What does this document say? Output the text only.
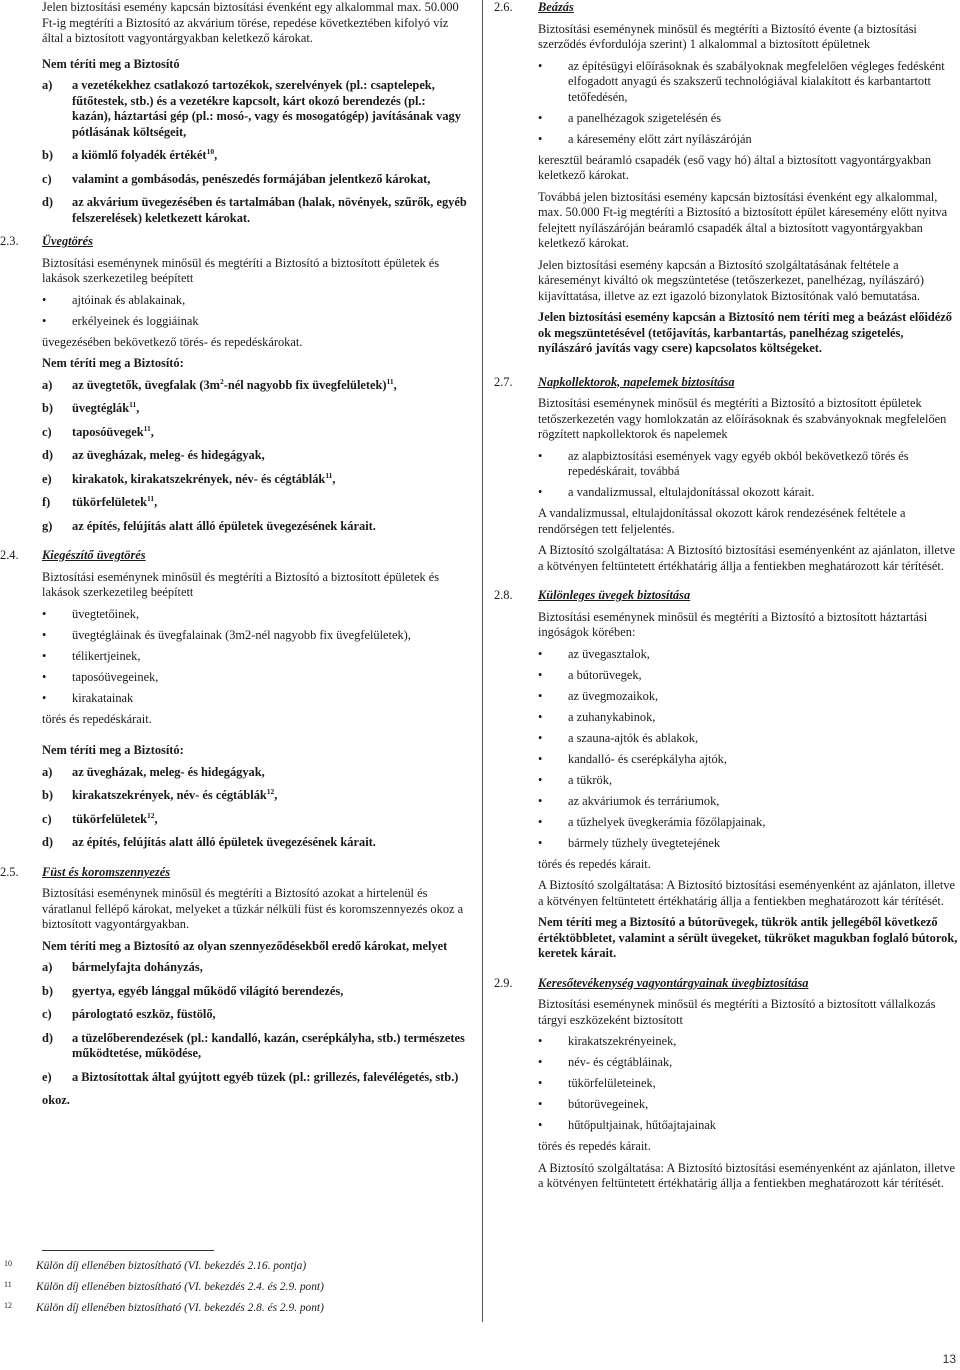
Jelen biztosítási esemény kapcsán biztosítási évenként egy alkalommal max. 50.000 Ft-ig megtéríti a Biztosító az akvárium törése, repedése következtében kifolyó víz által a biztosított vagyontárgyakban keletkező károkat.

Nem téríti meg a Biztosító

a) a vezetékekhez csatlakozó tartozékok, szerelvények (pl.: csaptelepek, fűtőtestek, stb.) és a vezetékre kapcsolt, kárt okozó berendezés (pl.: kazán), háztartási gép (pl.: mosó-, vagy és mosogatógép) javításának vagy pótlásának költségeit,
b) a kiömlő folyadék értékét$^{10}$,
c) valamint a gombásodás, penészedés formájában jelentkező károkat,
d) az akvárium üvegezésében és tartalmában (halak, növények, szűrők, egyéb felszerelések) keletkezett károkat.
2.3. Üvegtörés

Biztosítási eseménynek minősül és megtéríti a Biztosító a biztosított épületek és lakások szerkezetileg beépített

• ajtóinak és ablakainak,
• erkélyeinek és loggiáinak

üvegezésében bekövetkező törés- és repedéskárokat.

Nem téríti meg a Biztosító:

a) az üvegtetők, üvegfalak ($3m^2$-nél nagyobb fix üvegfelületek)$^{11}$,
b) üvegtéglák$^{11}$,
c) taposóüvegek$^{11}$,
d) az üvegházak, meleg- és hidegágyak,
e) kirakatok, kirakatszekrények, név- és cégtáblák$^{11}$,
f) tükörfelületek$^{11}$,
g) az építés, felújítás alatt álló épületek üvegezésének kárait.
2.4. Kiegészítő üvegtörés

Biztosítási eseménynek minősül és megtéríti a Biztosító a biztosított épületek és lakások szerkezetileg beépített

• üvegtetőinek,
• üvegtégláinak és üvegfalainak (3m2-nél nagyobb fix üvegfelületek),
• télikertjeinek,
• taposóüvegeinek,
• kirakatainak

törés és repedéskárait.

Nem téríti meg a Biztosító:

a) az üvegházak, meleg- és hidegágyak,
b) kirakatszekrények, név- és cégtáblák$^{12}$,
c) tükörfelületek$^{12}$,
d) az építés, felújítás alatt álló épületek üvegezésének kárait.
2.5. Füst és koromszennyezés

Biztosítási eseménynek minősül és megtéríti a Biztosító azokat a hirtelenül és váratlanul fellépő károkat, melyeket a tűzkár nélküli füst és koromszennyezés okoz a biztosított vagyontárgyakban.

Nem téríti meg a Biztosító az olyan szennyeződésekből eredő károkat, melyet

a) bármelyfajta dohányzás,
b) gyertya, egyéb lánggal működő világító berendezés,
c) párologtató eszköz, füstölő,
d) a tüzelőberendezések (pl.: kandalló, kazán, cserépkályha, stb.) természetes működtetése, működése,
e) a Biztosítottak által gyújtott egyéb tüzek (pl.: grillezés, falevélégetés, stb.)

okoz.

10 Külön díj ellenében biztosítható (VI. bekezdés 2.16. pontja)
11 Külön díj ellenében biztosítható (VI. bekezdés 2.4. és 2.9. pont)
12 Külön díj ellenében biztosítható (VI. bekezdés 2.8. és 2.9. pont)
2.6. Beázás

Biztosítási eseménynek minősül és megtéríti a Biztosító évente (a biztosítási szerződés évfordulója szerint) 1 alkalommal a biztosított épületnek

• az építésügyi előírásoknak és szabályoknak megfelelően végleges fedésként elfogadott anyagú és szakszerű technológiával kialakított és karbantartott tetőfedésén,
• a panelhézagok szigetelésén és
• a káresemény előtt zárt nyílászáróján

keresztül beáramló csapadék (eső vagy hó) által a biztosított vagyontárgyakban keletkező károkat.

Továbbá jelen biztosítási esemény kapcsán biztosítási évenként egy alkalommal, max. 50.000 Ft-ig megtéríti a Biztosító a biztosított épület káresemény előtt nyitva felejtett nyílászáróján beáramló csapadék által a biztosított vagyontárgyakban keletkező károkat.

Jelen biztosítási esemény kapcsán a Biztosító szolgáltatásának feltétele a káreseményt kiváltó ok megszüntetése (tetőszerkezet, panelhézag, nyílászáró) kijavíttatása, illetve az ezt igazoló bizonylatok Biztosítónak való bemutatása.

Jelen biztosítási esemény kapcsán a Biztosító nem téríti meg a beázást előidéző ok megszüntetésével (tetőjavítás, karbantartás, panelhézag szigetelés, nyílászáró javítás vagy csere) kapcsolatos költségeket.

2.7. Napkollektorok, napelemek biztosítása

Biztosítási eseménynek minősül és megtéríti a Biztosító a biztosított épületek tetőszerkezetén vagy homlokzatán az előírásoknak és szabványoknak megfelelően rögzített napkollektorok és napelemek

• az alapbiztosítási események vagy egyéb okból bekövetkező törés és repedéskárait, továbbá
• a vandalizmussal, eltulajdonítással okozott kárait.

A vandalizmussal, eltulajdonítással okozott károk rendezésének feltétele a rendőrségen tett feljelentés.

A Biztosító szolgáltatása: A Biztosító biztosítási eseményenként az ajánlaton, illetve a kötvényen feltüntetett értékhatárig állja a fentiekben meghatározott kár térítését.

2.8. Különleges üvegek biztosítása

Biztosítási eseménynek minősül és megtéríti a Biztosító a biztosított háztartási ingóságok körében:

• az üvegasztalok,
• a bútorüvegek,
• az üvegmozaikok,
• a zuhanykabinok,
• a szauna-ajtók és ablakok,
• kandalló- és cserépkályha ajtók,
• a tükrök,
• az akváriumok és terráriumok,
• a tűzhelyek üvegkerámia főzőlapjainak,
• bármely tűzhely üvegtetejének

törés és repedés kárait.

A Biztosító szolgáltatása: A Biztosító biztosítási eseményenként az ajánlaton, illetve a kötvényen feltüntetett értékhatárig állja a fentiekben meghatározott kár térítését.

Nem téríti meg a Biztosító a bútorüvegek, tükrök antik jellegéből következő értéktöbbletet, valamint a sérült üvegeket, tükröket magukban foglaló bútorok, keretek kárait.

2.9. Keresőtevékenység vagyontárgyainak üvegbiztosítása

Biztosítási eseménynek minősül és megtéríti a Biztosító a biztosított vállalkozás tárgyi eszközeként biztosított

• kirakatszekrényeinek,
• név- és cégtábláinak,
• tükörfelületeinek,
• bútorüvegeinek,
• hűtőpultjainak, hűtőajtajainak

törés és repedés kárait.

A Biztosító szolgáltatása: A Biztosító biztosítási eseményenként az ajánlaton, illetve a kötvényen feltüntetett értékhatárig állja a fentiekben meghatározott kár térítését.

13
